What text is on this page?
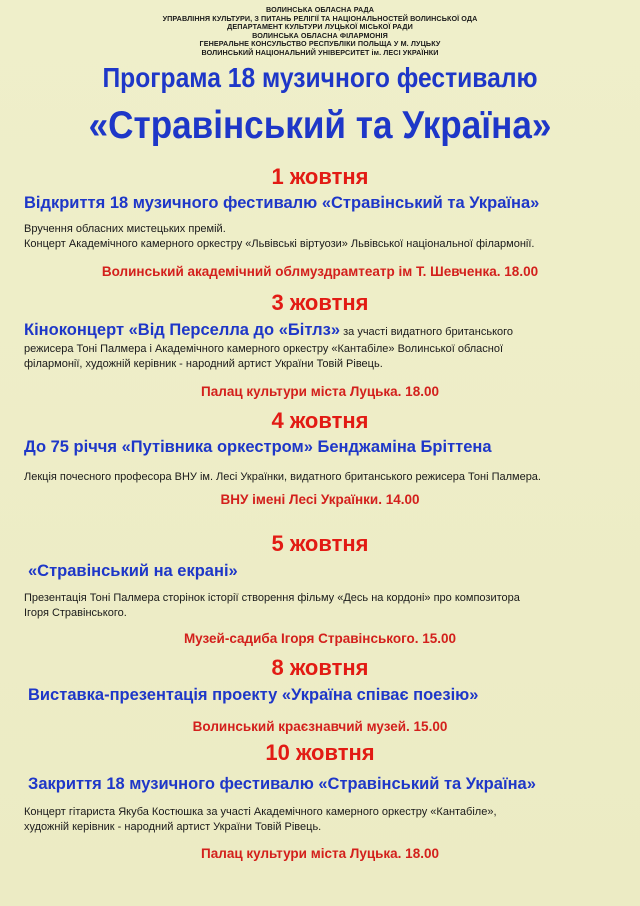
ВОЛИНСЬКА ОБЛАСНА РАДА
УПРАВЛІННЯ КУЛЬТУРИ, З ПИТАНЬ РЕЛІГІЇ ТА НАЦІОНАЛЬНОСТЕЙ ВОЛИНСЬКОЇ ОДА
ДЕПАРТАМЕНТ КУЛЬТУРИ ЛУЦЬКОЇ МІСЬКОЇ РАДИ
ВОЛИНСЬКА ОБЛАСНА ФІЛАРМОНІЯ
ГЕНЕРАЛЬНЕ КОНСУЛЬСТВО РЕСПУБЛІКИ ПОЛЬЩА У М. ЛУЦЬКУ
ВОЛИНСЬКИЙ НАЦІОНАЛЬНИЙ УНІВЕРСИТЕТ ім. ЛЕСІ УКРАЇНКИ
Програма 18 музичного фестивалю
«Стравінський та Україна»
1 жовтня
Відкриття 18 музичного фестивалю «Стравінський та Україна»
Вручення обласних мистецьких премій.
Концерт Академічного камерного оркестру «Львівські віртуози» Львівської національної філармонії.
Волинський академічний облмуздрамтеатр ім Т. Шевченка. 18.00
3 жовтня
Кіноконцерт «Від Перселла до «Бітлз» за участі видатного британського
режисера Тоні Палмера і Академічного камерного оркестру «Кантабіле» Волинської обласної
філармонії, художній керівник - народний артист України Товій Рівець.
Палац культури міста Луцька. 18.00
4 жовтня
До 75 річчя «Путівника оркестром» Бенджаміна Бріттена
Лекція почесного професора ВНУ ім. Лесі Українки, видатного британського режисера Тоні Палмера.
ВНУ імені Лесі Українки. 14.00
5 жовтня
«Стравінський на екрані»
Презентація Тоні Палмера сторінок історії створення фільму «Десь на кордоні» про композитора
Ігоря Стравінського.
Музей-садиба Ігоря Стравінського. 15.00
8 жовтня
Виставка-презентація проекту «Україна співає поезію»
Волинський краєзнавчий музей. 15.00
10 жовтня
Закриття 18 музичного фестивалю «Стравінський та Україна»
Концерт гітариста Якуба Костюшка за участі Академічного камерного оркестру «Кантабіле»,
художній керівник - народний артист України Товій Рівець.
Палац культури міста Луцька. 18.00
